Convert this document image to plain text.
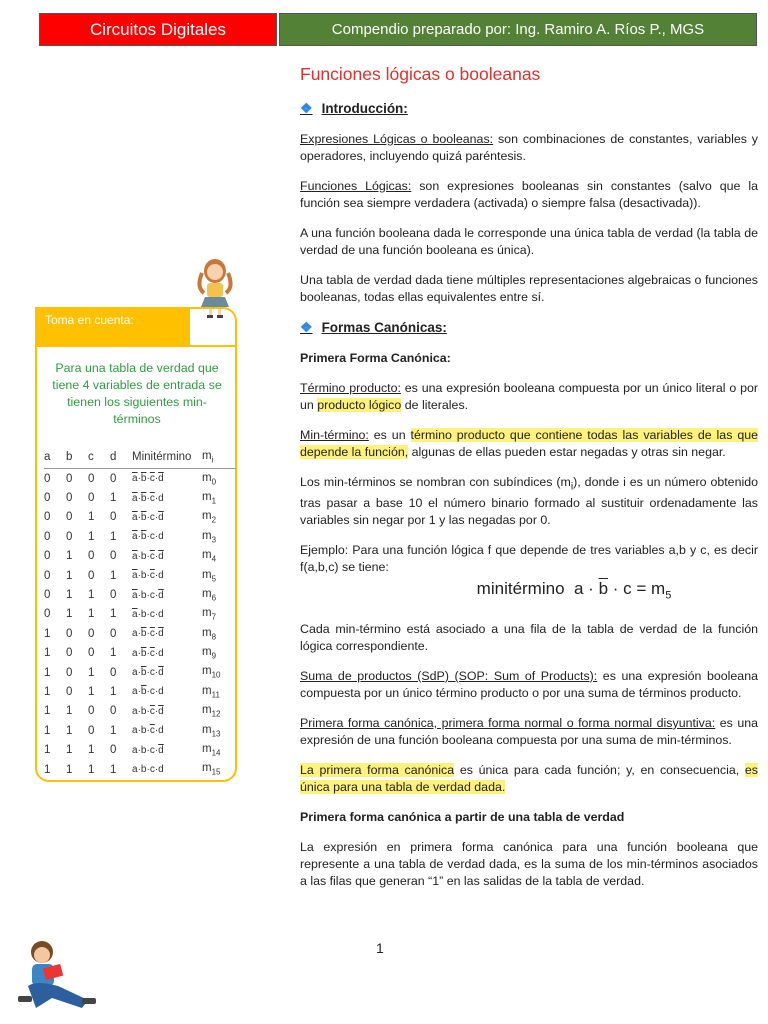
Circuitos Digitales	Compendio preparado por: Ing. Ramiro A. Ríos P., MGS
Toma en cuenta:
Para una tabla de verdad que tiene 4 variables de entrada se tienen los siguientes min-términos
a	b	c	d	Minitérmino	$m_i$
0	0	0	0	$\overline{a}\cdot\overline{b}\cdot\overline{c}\cdot\overline{d}$	$m_0$
0	0	0	1	$\overline{a}\cdot\overline{b}\cdot\overline{c}\cdot d$	$m_1$
0	0	1	0	$\overline{a}\cdot\overline{b}\cdot c\cdot\overline{d}$	$m_2$
0	0	1	1	$\overline{a}\cdot\overline{b}\cdot c\cdot d$	$m_3$
0	1	0	0	$\overline{a}\cdot b\cdot\overline{c}\cdot\overline{d}$	$m_4$
0	1	0	1	$\overline{a}\cdot b\cdot\overline{c}\cdot d$	$m_5$
0	1	1	0	$\overline{a}\cdot b\cdot c\cdot\overline{d}$	$m_6$
0	1	1	1	$\overline{a}\cdot b\cdot c\cdot d$	$m_7$
1	0	0	0	$a\cdot\overline{b}\cdot\overline{c}\cdot\overline{d}$	$m_8$
1	0	0	1	$a\cdot\overline{b}\cdot\overline{c}\cdot d$	$m_9$
1	0	1	0	$a\cdot\overline{b}\cdot c\cdot\overline{d}$	$m_{10}$
1	0	1	1	$a\cdot\overline{b}\cdot c\cdot d$	$m_{11}$
1	1	0	0	$a\cdot b\cdot\overline{c}\cdot\overline{d}$	$m_{12}$
1	1	0	1	$a\cdot b\cdot\overline{c}\cdot d$	$m_{13}$
1	1	1	0	$a\cdot b\cdot c\cdot\overline{d}$	$m_{14}$
1	1	1	1	a·b·c·d	$m_{15}$
Funciones lógicas o booleanas
❖ Introducción:

Expresiones Lógicas o booleanas: son combinaciones de constantes, variables y operadores, incluyendo quizá paréntesis.

Funciones Lógicas: son expresiones booleanas sin constantes (salvo que la función sea siempre verdadera (activada) o siempre falsa (desactivada)).

A una función booleana dada le corresponde una única tabla de verdad (la tabla de verdad de una función booleana es única).

Una tabla de verdad dada tiene múltiples representaciones algebraicas o funciones booleanas, todas ellas equivalentes entre sí.

❖ Formas Canónicas:
Primera Forma Canónica:

Término producto: es una expresión booleana compuesta por un único literal o por un producto lógico de literales.

Min-término: es un término producto que contiene todas las variables de las que depende la función, algunas de ellas pueden estar negadas y otras sin negar.

Los min-términos se nombran con subíndices $(m_i)$, donde i es un número obtenido tras pasar a base 10 el número binario formado al sustituir ordenadamente las variables sin negar por 1 y las negadas por 0.

Ejemplo: Para una función lógica f que depende de tres variables a,b y c, es decir f(a,b,c) se tiene:

minitérmino $a \cdot \overline{b} \cdot c = m_5$

Cada min-término está asociado a una fila de la tabla de verdad de la función lógica correspondiente.

Suma de productos (SdP) (SOP: Sum of Products): es una expresión booleana compuesta por un único término producto o por una suma de términos producto.

Primera forma canónica, primera forma normal o forma normal disyuntiva: es una expresión de una función booleana compuesta por una suma de min-términos.

La primera forma canónica es única para cada función; y, en consecuencia, es única para una tabla de verdad dada.

Primera forma canónica a partir de una tabla de verdad

La expresión en primera forma canónica para una función booleana que represente a una tabla de verdad dada, es la suma de los min-términos asociados a las filas que generan “1” en las salidas de la tabla de verdad.

1
